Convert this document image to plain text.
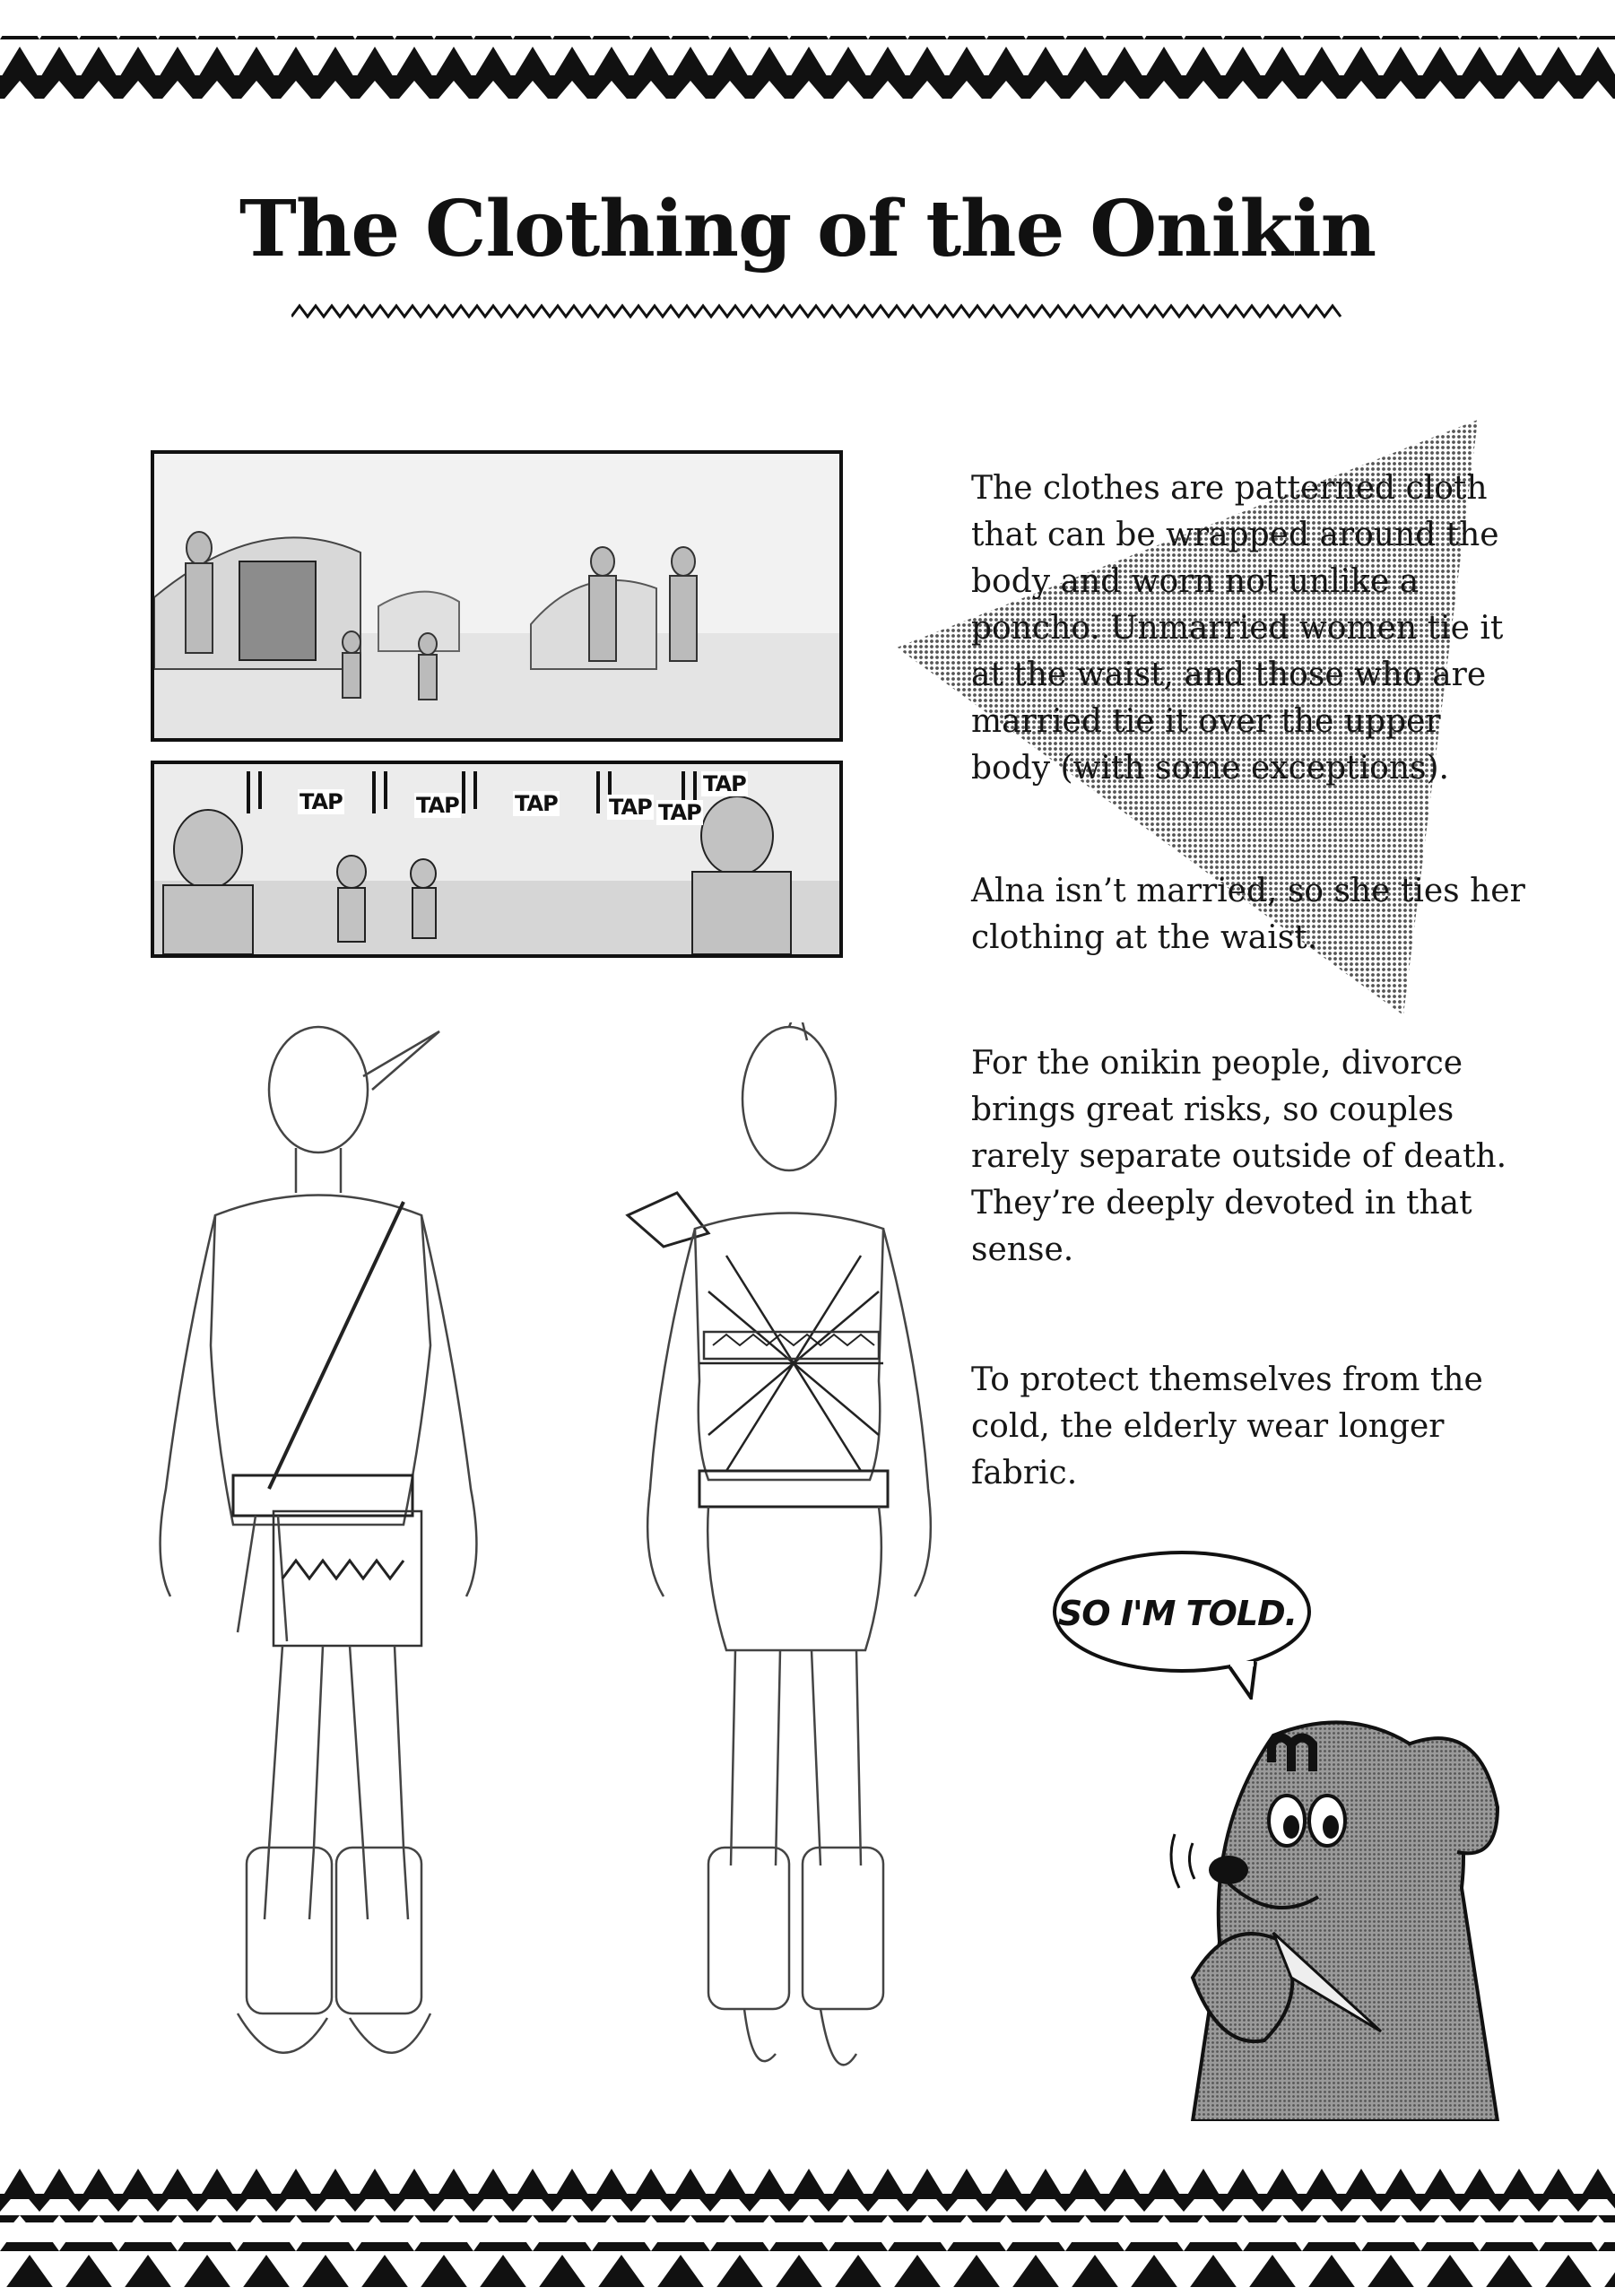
The Clothing of the Onikin
TAP	TAP	TAP TAP TAP
TAP

The clothes are patterned cloth that can be wrapped around the body and worn not unlike a poncho. Unmarried women tie it at the waist, and those who are married tie it over the upper body (with some exceptions).

Alna isn’t married, so she ties her clothing at the waist.

For the onikin people, divorce brings great risks, so couples rarely separate outside of death. They’re deeply devoted in that sense.

To protect themselves from the cold, the elderly wear longer fabric.

SO I'M TOLD.
